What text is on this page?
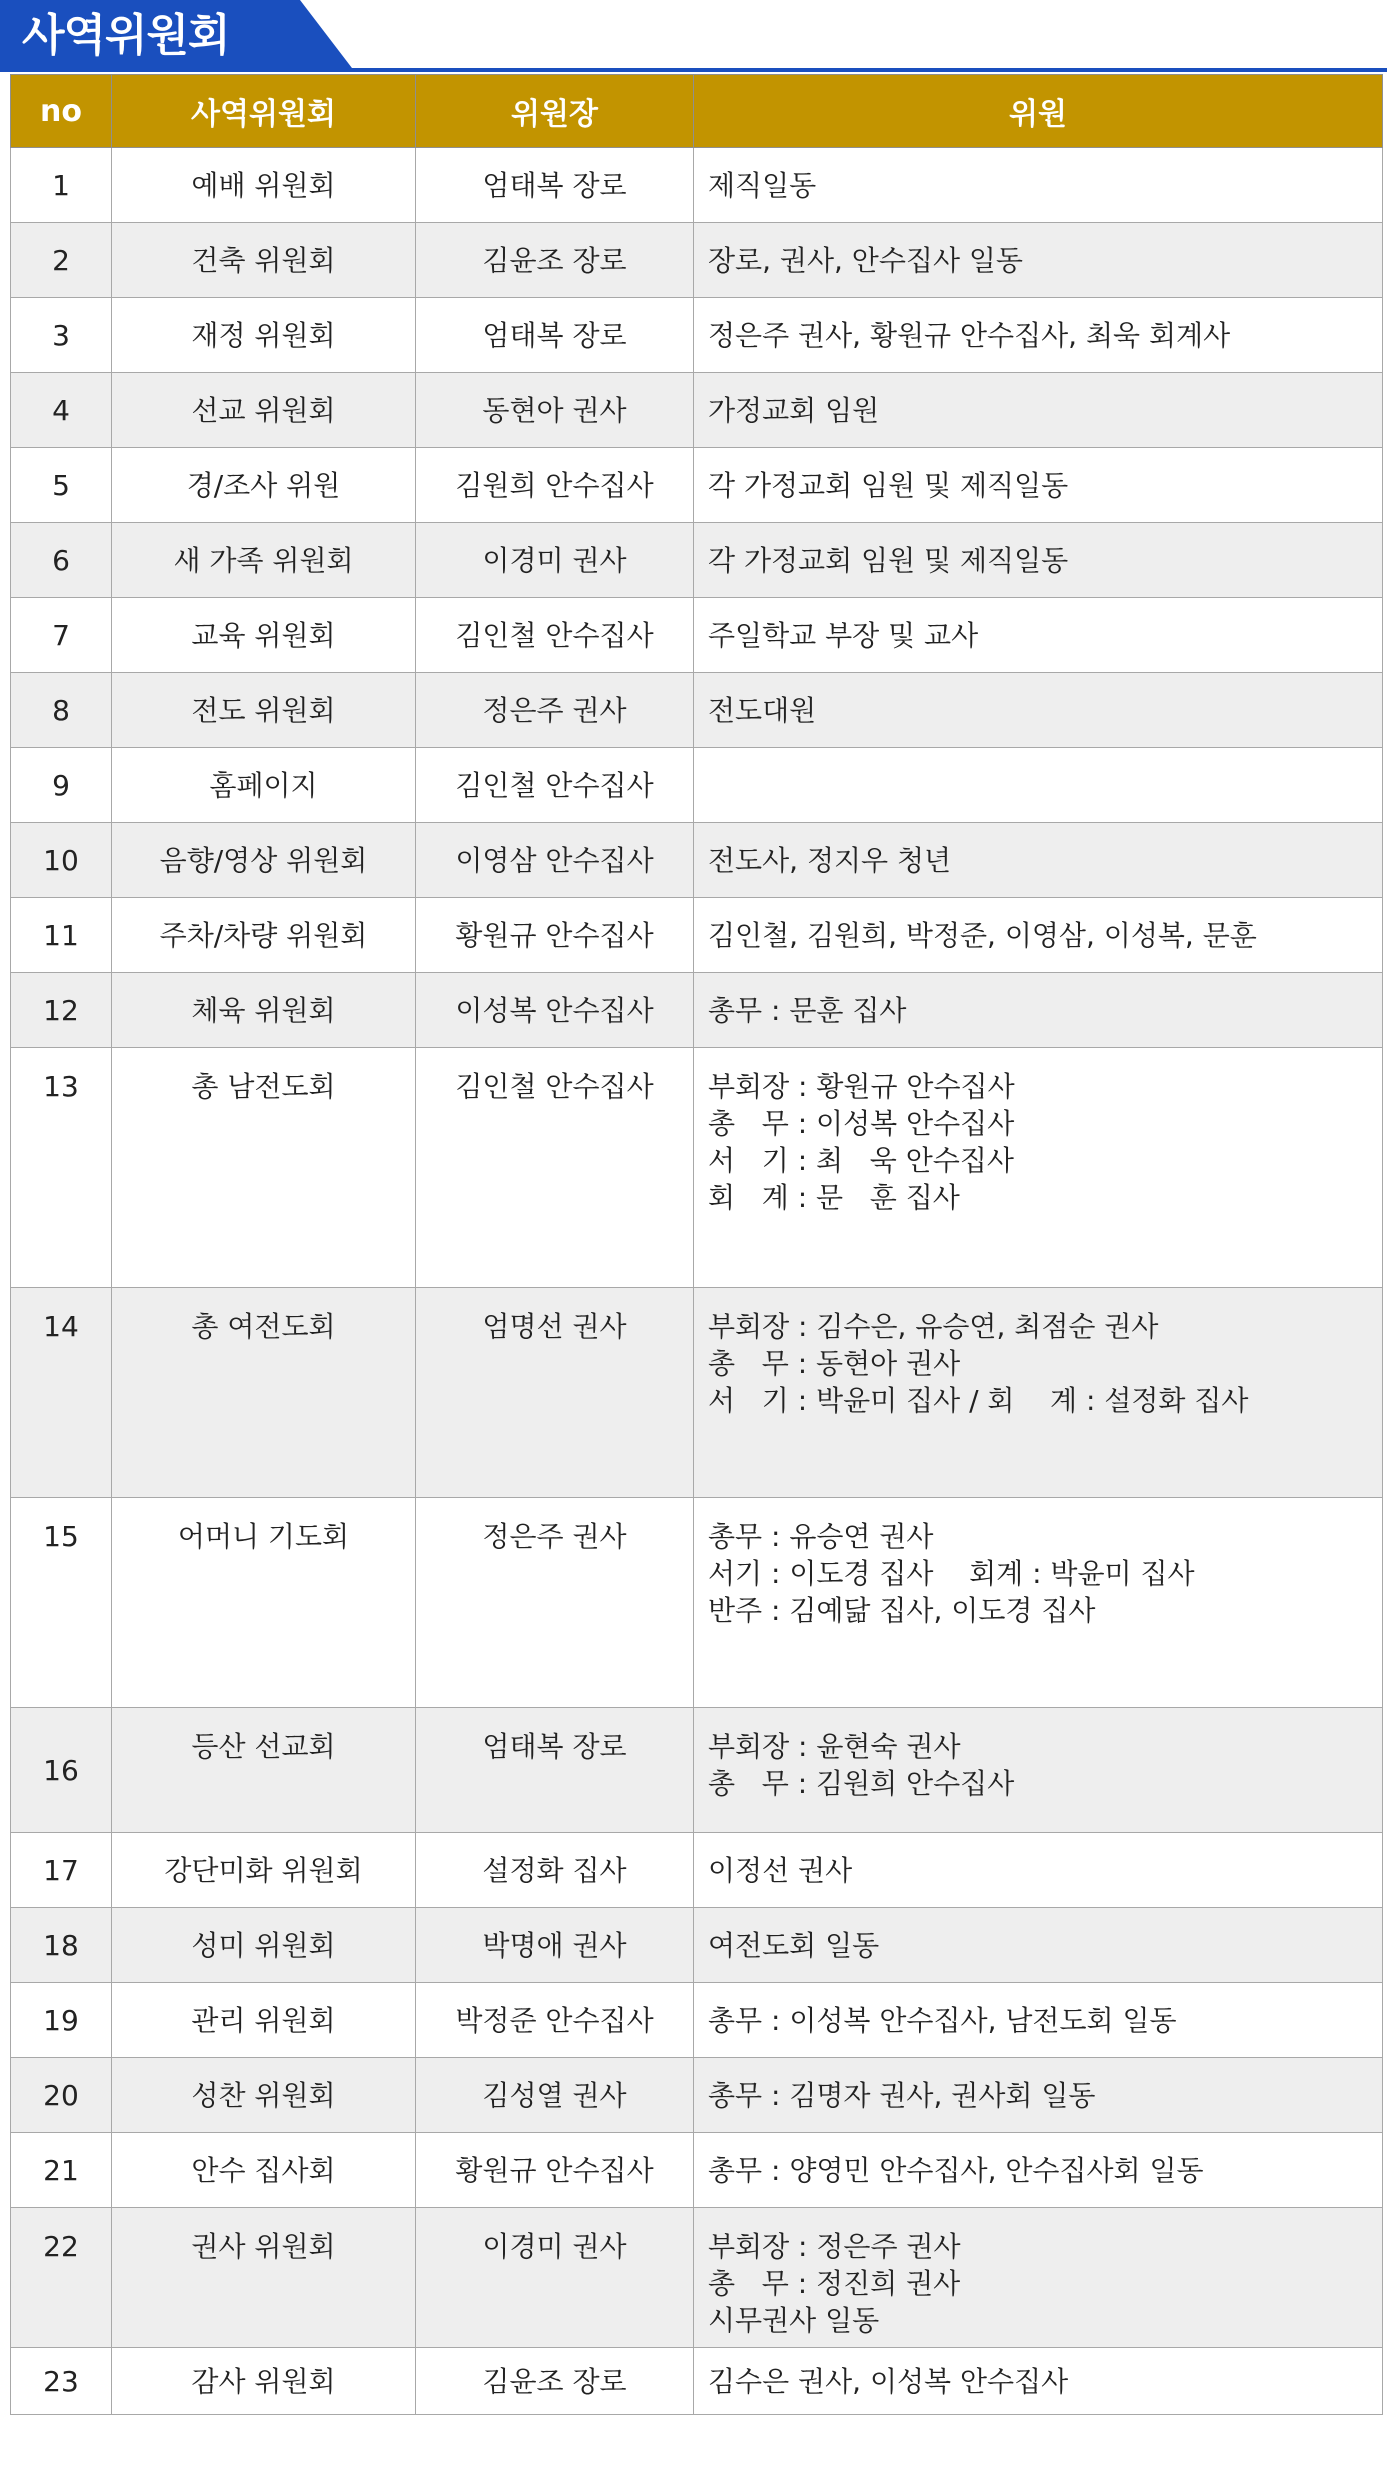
사역위원회
no	사역위원회	위원장	위원
1	예배 위원회	엄태복 장로	제직일동

2	건축 위원회	김윤조 장로	장로, 권사, 안수집사 일동

3	재정 위원회	엄태복 장로	정은주 권사, 황원규 안수집사, 최욱 회계사

4	선교 위원회	동현아 권사	가정교회 임원

5	경/조사 위원	김원희 안수집사	각 가정교회 임원 및 제직일동

6	새 가족 위원회	이경미 권사	각 가정교회 임원 및 제직일동

7	교육 위원회	김인철 안수집사	주일학교 부장 및 교사

8	전도 위원회	정은주 권사	전도대원

9	홈페이지	김인철 안수집사	

10	음향/영상 위원회	이영삼 안수집사	전도사, 정지우 청년

11	주차/차량 위원회	황원규 안수집사	김인철, 김원희, 박정준, 이영삼, 이성복, 문훈

12	체육 위원회	이성복 안수집사	총무 : 문훈 집사

13	총 남전도회	김인철 안수집사	부회장 : 황원규 안수집사
총   무 : 이성복 안수집사
서   기 : 최   욱 안수집사
회   계 : 문   훈 집사

14	총 여전도회	엄명선 권사	부회장 : 김수은, 유승연, 최점순 권사
총   무 : 동현아 권사
서   기 : 박윤미 집사 / 회    계 : 설정화 집사

15	어머니 기도회	정은주 권사	총무 : 유승연 권사
서기 : 이도경 집사    회계 : 박윤미 집사
반주 : 김예닮 집사, 이도경 집사

16	등산 선교회	엄태복 장로	부회장 : 윤현숙 권사
총   무 : 김원희 안수집사

17	강단미화 위원회	설정화 집사	이정선 권사

18	성미 위원회	박명애 권사	여전도회 일동

19	관리 위원회	박정준 안수집사	총무 : 이성복 안수집사, 남전도회 일동

20	성찬 위원회	김성열 권사	총무 : 김명자 권사, 권사회 일동

21	안수 집사회	황원규 안수집사	총무 : 양영민 안수집사, 안수집사회 일동

22	권사 위원회	이경미 권사	부회장 : 정은주 권사
총   무 : 정진희 권사
시무권사 일동

23	감사 위원회	김윤조 장로	김수은 권사, 이성복 안수집사
